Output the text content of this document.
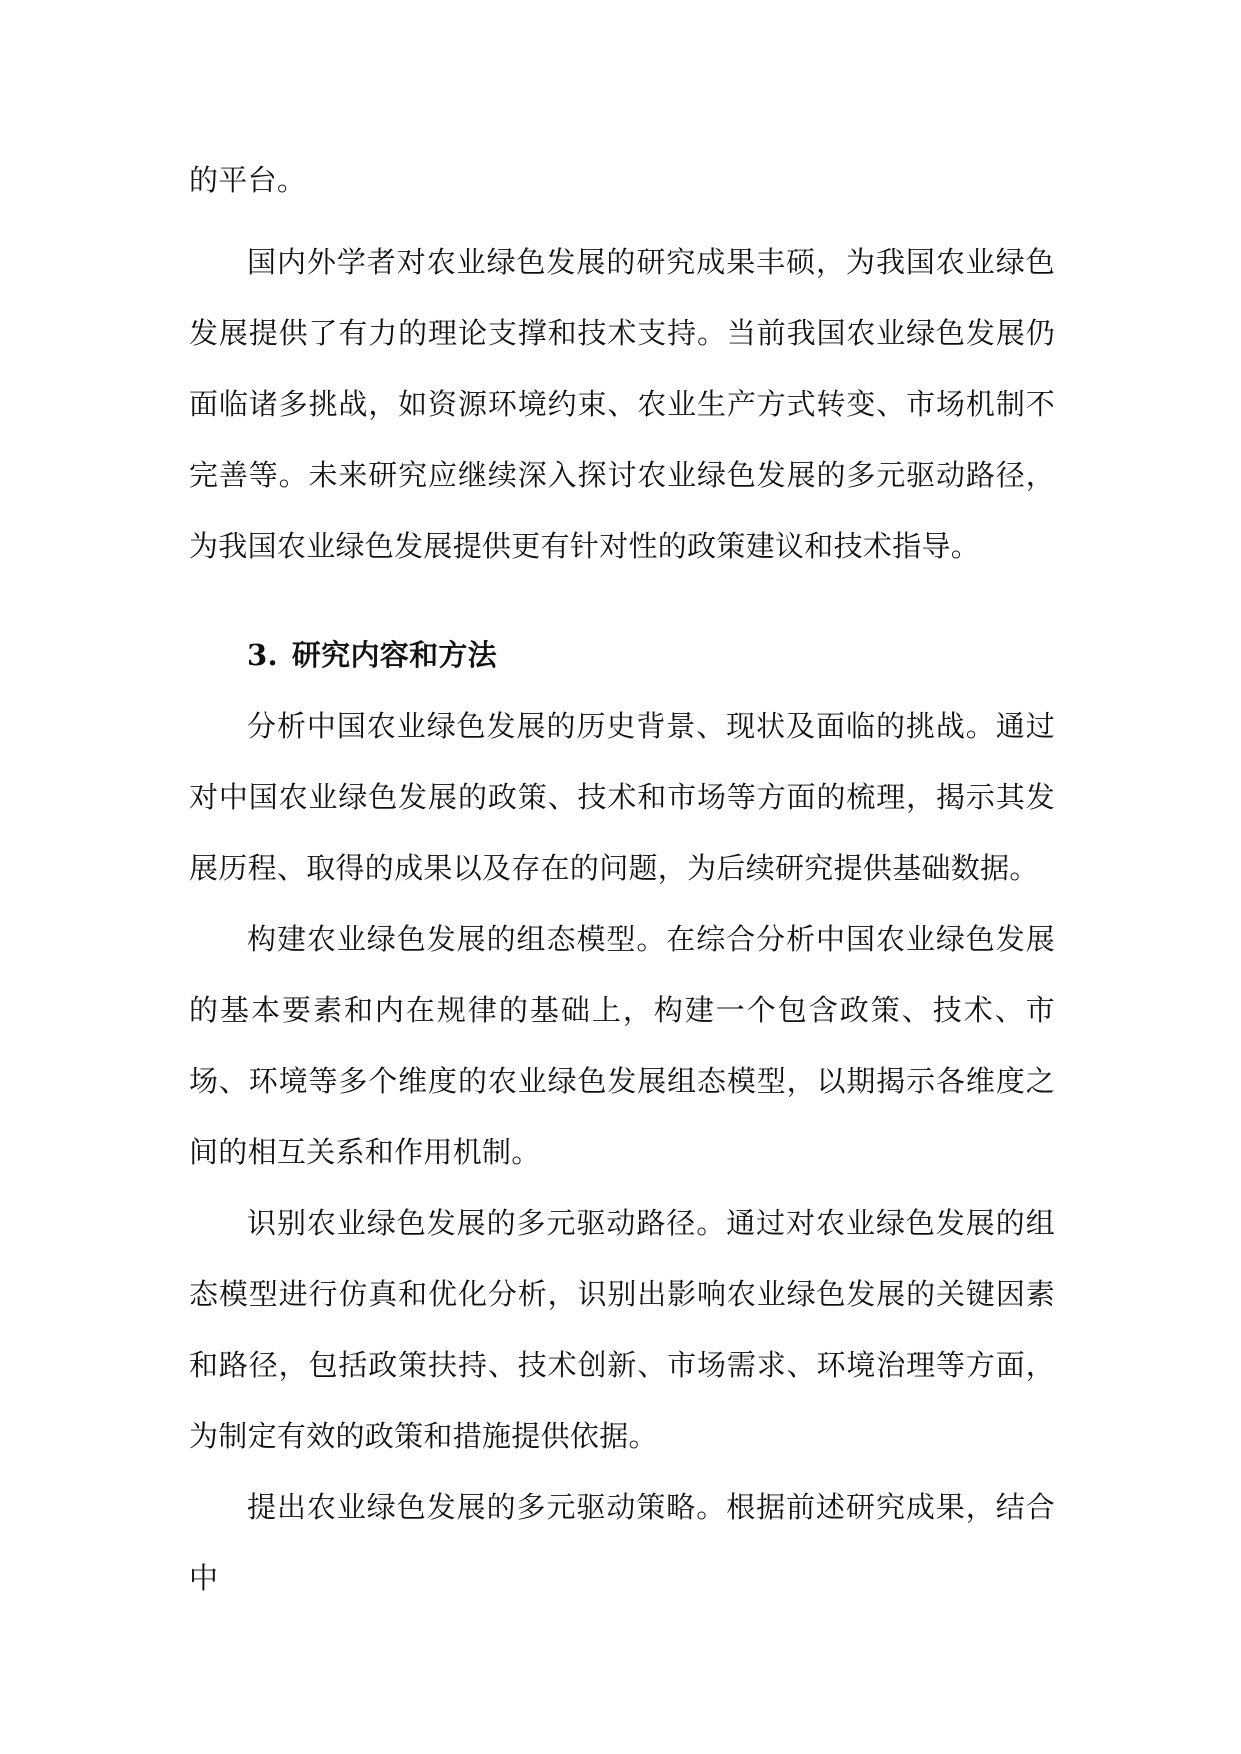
的平台。

国内外学者对农业绿色发展的研究成果丰硕，为我国农业绿色发展提供了有力的理论支撑和技术支持。当前我国农业绿色发展仍面临诸多挑战，如资源环境约束、农业生产方式转变、市场机制不完善等。未来研究应继续深入探讨农业绿色发展的多元驱动路径，为我国农业绿色发展提供更有针对性的政策建议和技术指导。

3. 研究内容和方法

分析中国农业绿色发展的历史背景、现状及面临的挑战。通过对中国农业绿色发展的政策、技术和市场等方面的梳理，揭示其发展历程、取得的成果以及存在的问题，为后续研究提供基础数据。

构建农业绿色发展的组态模型。在综合分析中国农业绿色发展的基本要素和内在规律的基础上，构建一个包含政策、技术、市场、环境等多个维度的农业绿色发展组态模型，以期揭示各维度之间的相互关系和作用机制。

识别农业绿色发展的多元驱动路径。通过对农业绿色发展的组态模型进行仿真和优化分析，识别出影响农业绿色发展的关键因素和路径，包括政策扶持、技术创新、市场需求、环境治理等方面，为制定有效的政策和措施提供依据。

提出农业绿色发展的多元驱动策略。根据前述研究成果，结合中
